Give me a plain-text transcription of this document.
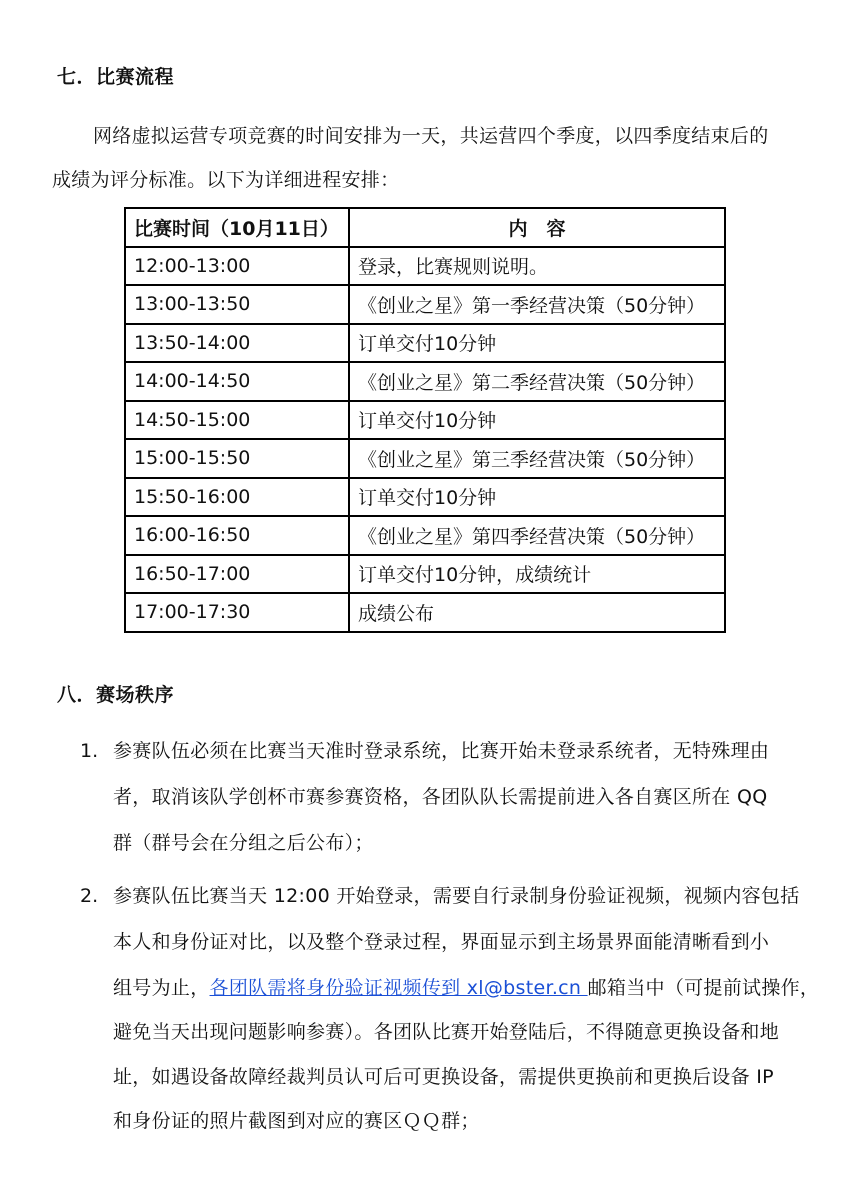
七．比赛流程
网络虚拟运营专项竞赛的时间安排为一天，共运营四个季度，以四季度结束后的
成绩为评分标准。以下为详细进程安排：
比赛时间（10月11日）	内　容
12:00-13:00	登录，比赛规则说明。
13:00-13:50	《创业之星》第一季经营决策（50分钟）
13:50-14:00	订单交付10分钟
14:00-14:50	《创业之星》第二季经营决策（50分钟）
14:50-15:00	订单交付10分钟
15:00-15:50	《创业之星》第三季经营决策（50分钟）
15:50-16:00	订单交付10分钟
16:00-16:50	《创业之星》第四季经营决策（50分钟）
16:50-17:00	订单交付10分钟，成绩统计
17:00-17:30	成绩公布
八．赛场秩序
1. 参赛队伍必须在比赛当天准时登录系统，比赛开始未登录系统者，无特殊理由
者，取消该队学创杯市赛参赛资格，各团队队长需提前进入各自赛区所在 QQ
群（群号会在分组之后公布）；
2. 参赛队伍比赛当天 12:00 开始登录，需要自行录制身份验证视频，视频内容包括
本人和身份证对比，以及整个登录过程，界面显示到主场景界面能清晰看到小
组号为止，各团队需将身份验证视频传到 xl@bster.cn 邮箱当中（可提前试操作，
避免当天出现问题影响参赛）。各团队比赛开始登陆后，不得随意更换设备和地
址，如遇设备故障经裁判员认可后可更换设备，需提供更换前和更换后设备 IP
和身份证的照片截图到对应的赛区ＱＱ群；
